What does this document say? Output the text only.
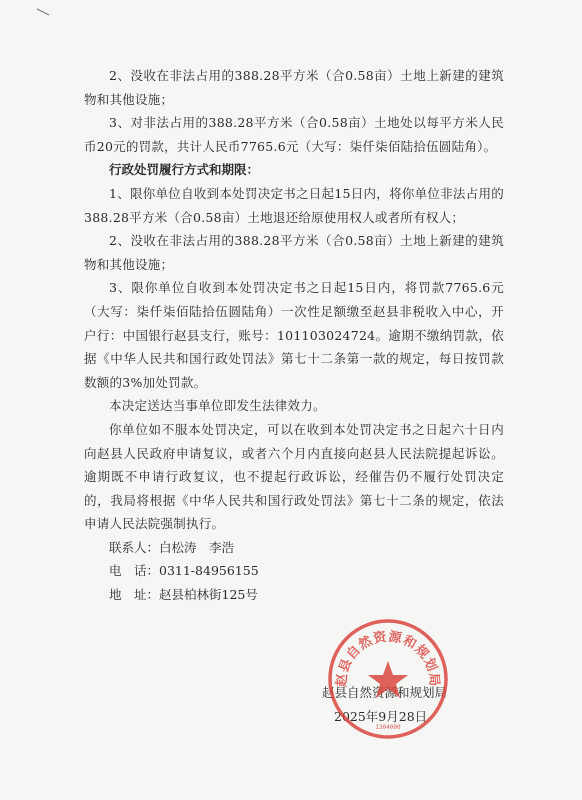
2、没收在非法占用的388.28平方米（合0.58亩）土地上新建的建筑物和其他设施；

3、对非法占用的388.28平方米（合0.58亩）土地处以每平方米人民币20元的罚款，共计人民币7765.6元（大写：柒仟柒佰陆拾伍圆陆角）。

行政处罚履行方式和期限：

1、限你单位自收到本处罚决定书之日起15日内，将你单位非法占用的388.28平方米（合0.58亩）土地退还给原使用权人或者所有权人；

2、没收在非法占用的388.28平方米（合0.58亩）土地上新建的建筑物和其他设施；

3、限你单位自收到本处罚决定书之日起15日内，将罚款7765.6元（大写：柒仟柒佰陆拾伍圆陆角）一次性足额缴至赵县非税收入中心，开户行：中国银行赵县支行，账号：101103024724。逾期不缴纳罚款，依据《中华人民共和国行政处罚法》第七十二条第一款的规定，每日按罚款数额的3%加处罚款。

本决定送达当事单位即发生法律效力。

你单位如不服本处罚决定，可以在收到本处罚决定书之日起六十日内向赵县人民政府申请复议，或者六个月内直接向赵县人民法院提起诉讼。逾期既不申请行政复议，也不提起行政诉讼，经催告仍不履行处罚决定的，我局将根据《中华人民共和国行政处罚法》第七十二条的规定，依法申请人民法院强制执行。

联系人：白松涛　李浩

电　话：0311-84956155

地　址：赵县柏林街125号

赵县自然资源和规划局
2025年9月28日
赵县自然资源和规划局
1304000
